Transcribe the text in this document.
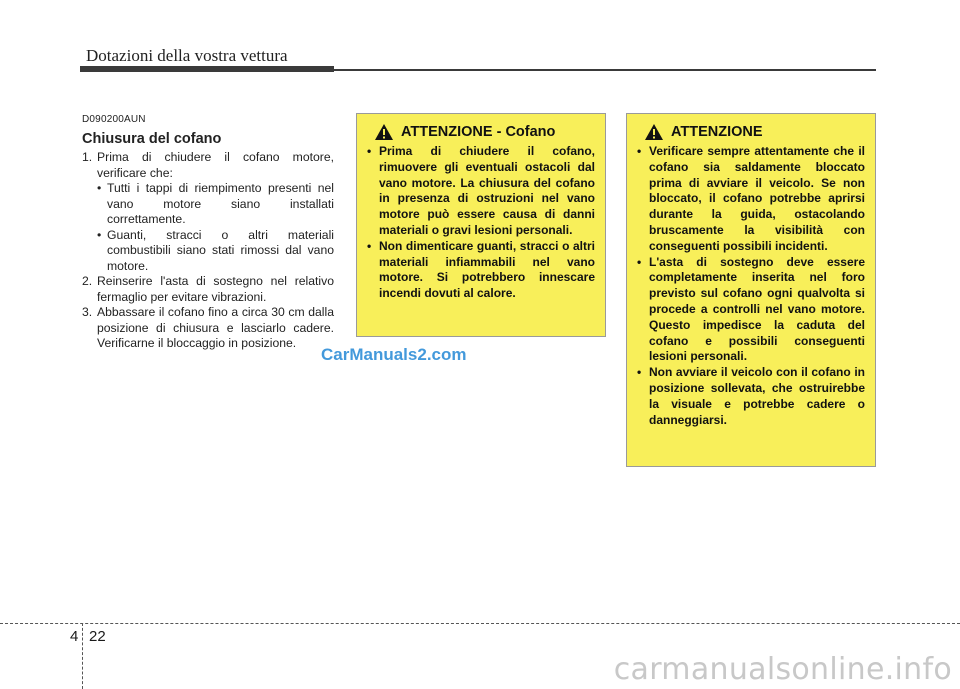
Dotazioni della vostra vettura
D090200AUN
Chiusura del cofano
1. Prima di chiudere il cofano motore, verificare che:
• Tutti i tappi di riempimento presenti nel vano motore siano installati correttamente.
• Guanti, stracci o altri materiali combustibili siano stati rimossi dal vano motore.
2. Reinserire l'asta di sostegno nel relativo fermaglio per evitare vibrazioni.
3. Abbassare il cofano fino a circa 30 cm dalla posizione di chiusura e lasciarlo cadere. Verificarne il bloccaggio in posizione.
CarManuals2.com
ATTENZIONE - Cofano
• Prima di chiudere il cofano, rimuovere gli eventuali ostacoli dal vano motore. La chiusura del cofano in presenza di ostruzioni nel vano motore può essere causa di danni materiali o gravi lesioni personali.
• Non dimenticare guanti, stracci o altri materiali infiammabili nel vano motore. Si potrebbero innescare incendi dovuti al calore.
ATTENZIONE
• Verificare sempre attentamente che il cofano sia saldamente bloccato prima di avviare il veicolo. Se non bloccato, il cofano potrebbe aprirsi durante la guida, ostacolando bruscamente la visibilità con conseguenti possibili incidenti.
• L'asta di sostegno deve essere completamente inserita nel foro previsto sul cofano ogni qualvolta si procede a controlli nel vano motore. Questo impedisce la caduta del cofano e possibili conseguenti lesioni personali.
• Non avviare il veicolo con il cofano in posizione sollevata, che ostruirebbe la visuale e potrebbe cadere o danneggiarsi.
4 22
carmanualsonline.info
